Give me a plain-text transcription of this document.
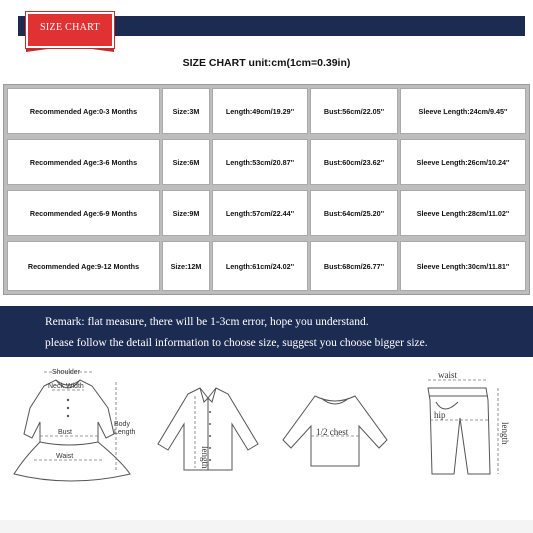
SIZE CHART
SIZE CHART unit:cm(1cm=0.39in)
Recommended Age:0-3 Months	Size:3M	Length:49cm/19.29''	Bust:56cm/22.05''	Sleeve Length:24cm/9.45''
Recommended Age:3-6 Months	Size:6M	Length:53cm/20.87''	Bust:60cm/23.62''	Sleeve Length:26cm/10.24''
Recommended Age:6-9 Months	Size:9M	Length:57cm/22.44''	Bust:64cm/25.20''	Sleeve Length:28cm/11.02''
Recommended Age:9-12 Months	Size:12M	Length:61cm/24.02''	Bust:68cm/26.77''	Sleeve Length:30cm/11.81''
Remark: flat measure, there will be 1-3cm error, hope you understand.
please follow the detail information to choose size, suggest you choose bigger size.
Shoulder
Neck Width
Bust
Waist
Body
Length
length
1/2 chest
waist
hip
length
